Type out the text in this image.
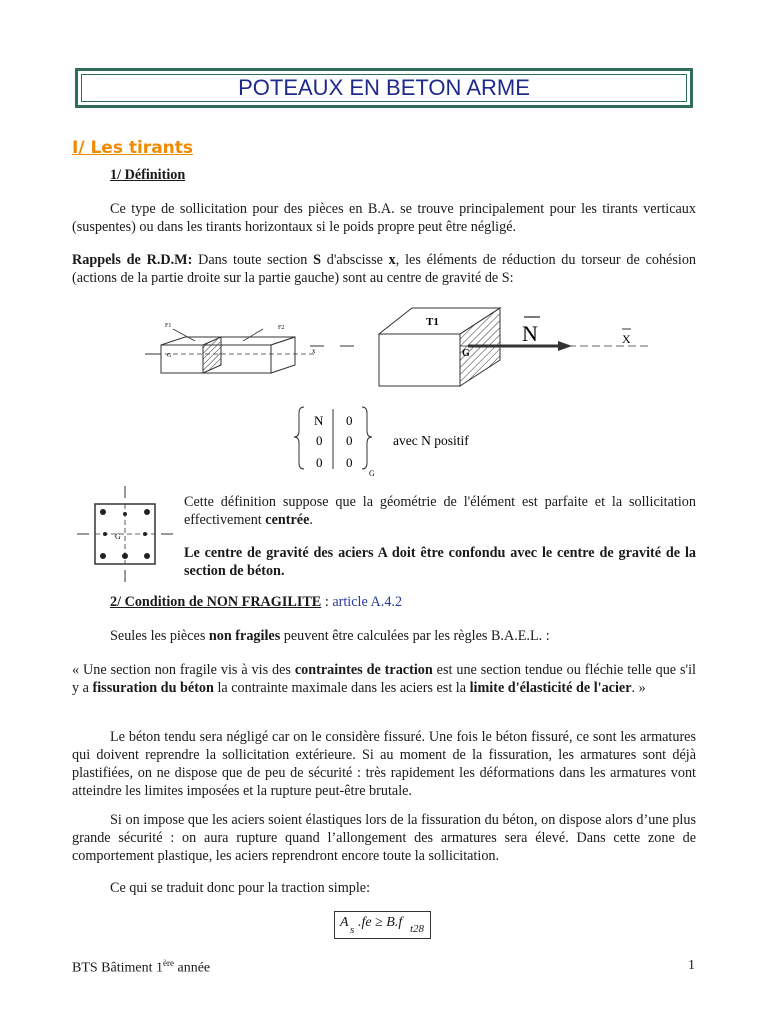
POTEAUX EN BETON ARME
I/ Les tirants
1/ Définition
Ce type de sollicitation pour des pièces en B.A. se trouve principalement pour les tirants verticaux (suspentes) ou dans les tirants horizontaux si le poids propre peut être négligé.
Rappels de R.D.M: Dans toute section S d'abscisse x, les éléments de réduction du torseur de cohésion (actions de la partie droite sur la partie gauche) sont au centre de gravité de S:
F1	F2
G
x
T1	N
G
X
N 0
0 0
0 0
G
avec N positif
G
Cette définition suppose que la géométrie de l'élément est parfaite et la sollicitation effectivement centrée.
Le centre de gravité des aciers A doit être confondu avec le centre de gravité de la section de béton.
2/ Condition de NON FRAGILITE : article A.4.2
Seules les pièces non fragiles peuvent être calculées par les règles B.A.E.L. :
« Une section non fragile vis à vis des contraintes de traction est une section tendue ou fléchie telle que s'il y a fissuration du béton la contrainte maximale dans les aciers est la limite d'élasticité de l'acier. »
Le béton tendu sera négligé car on le considère fissuré. Une fois le béton fissuré, ce sont les armatures qui doivent reprendre la sollicitation extérieure. Si au moment de la fissuration, les armatures sont déjà plastifiées, on ne dispose que de peu de sécurité : très rapidement les déformations dans les armatures vont atteindre les limites imposées et la rupture peut-être brutale.
Si on impose que les aciers soient élastiques lors de la fissuration du béton, on dispose alors d’une plus grande sécurité : on aura rupture quand l’allongement des armatures sera élevé. Dans cette zone de comportement plastique, les aciers reprendront encore toute la sollicitation.
Ce qui se traduit donc pour la traction simple:
A s .fe ≥ B.f t28
BTS Bâtiment 1ère année	1
